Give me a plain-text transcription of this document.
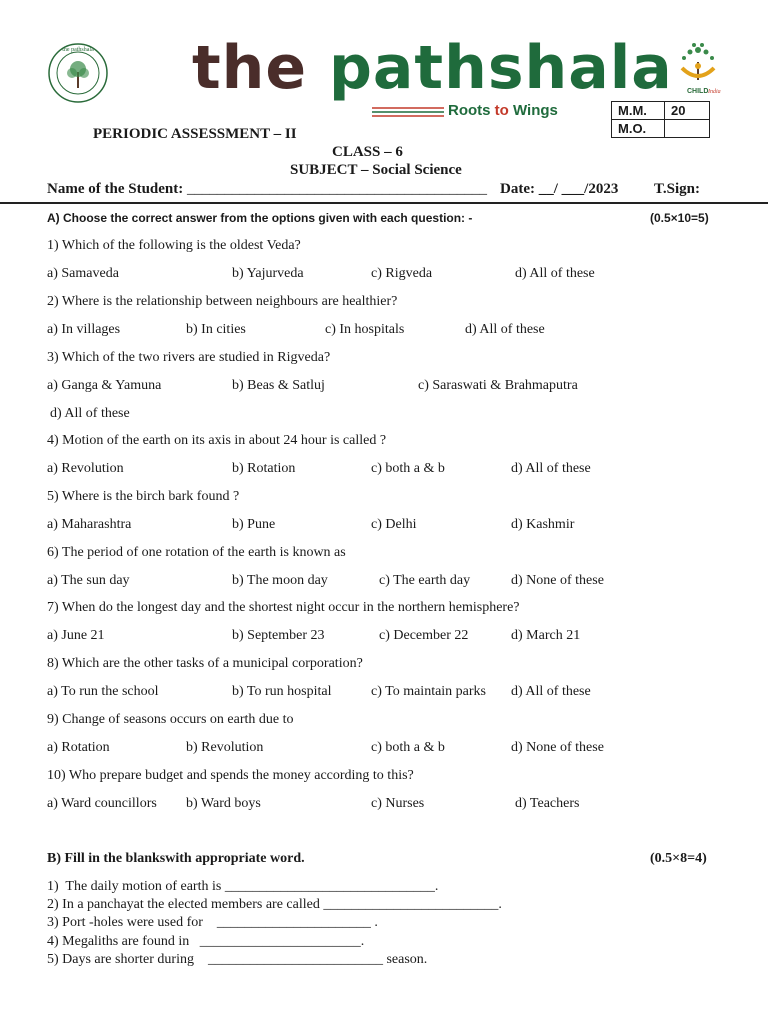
the pathshala the pathshala
Roots to Wings
CHILD India
M.M.	20
M.O.	
PERIODIC ASSESSMENT – II
CLASS – 6
SUBJECT – Social Science
Name of the Student: ________________________________________ Date: __/ ___/2023 T.Sign:
A) Choose the correct answer from the options given with each question: -	(0.5×10=5)
1) Which of the following is the oldest Veda?
a) Samaveda	b) Yajurveda	c) Rigveda	d) All of these
2) Where is the relationship between neighbours are healthier?
a) In villages	b) In cities	c) In hospitals	d) All of these
3) Which of the two rivers are studied in Rigveda?
a) Ganga & Yamuna	b) Beas & Satluj	c) Saraswati & Brahmaputra
d) All of these
4) Motion of the earth on its axis in about 24 hour is called ?
a) Revolution	b) Rotation	c) both a & b	d) All of these
5) Where is the birch bark found ?
a) Maharashtra	b) Pune	c) Delhi	d) Kashmir
6) The period of one rotation of the earth is known as
a) The sun day	b) The moon day	c) The earth day	d) None of these
7) When do the longest day and the shortest night occur in the northern hemisphere?
a) June 21	b) September 23	c) December 22	d) March 21
8) Which are the other tasks of a municipal corporation?
a) To run the school	b) To run hospital	c) To maintain parks d) All of these
9) Change of seasons occurs on earth due to
a) Rotation	b) Revolution	c) both a & b	d) None of these
10) Who prepare budget and spends the money according to this?
a) Ward councillors b) Ward boys	c) Nurses	d) Teachers
B) Fill in the blankswith appropriate word.	(0.5×8=4)
1)  The daily motion of earth is ______________________________.
2) In a panchayat the elected members are called _________________________.
3) Port -holes were used for    ______________________ .
4) Megaliths are found in   _______________________.
5) Days are shorter during    _________________________ season.
